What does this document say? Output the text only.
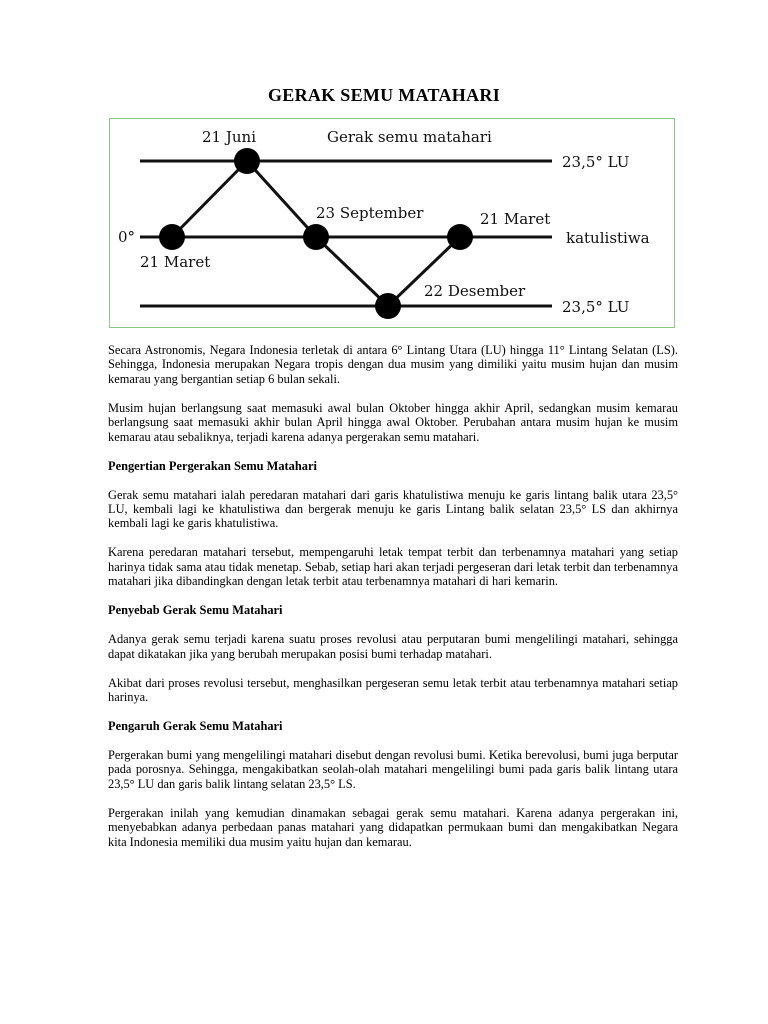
GERAK SEMU MATAHARI
21 Juni	Gerak semu matahari
23,5° LU
0°
23 September	21 Maret
katulistiwa
21 Maret
22 Desember
23,5° LU

Secara Astronomis, Negara Indonesia terletak di antara 6° Lintang Utara (LU) hingga 11° Lintang Selatan (LS). Sehingga, Indonesia merupakan Negara tropis dengan dua musim yang dimiliki yaitu musim hujan dan musim kemarau yang bergantian setiap 6 bulan sekali.

Musim hujan berlangsung saat memasuki awal bulan Oktober hingga akhir April, sedangkan musim kemarau berlangsung saat memasuki akhir bulan April hingga awal Oktober. Perubahan antara musim hujan ke musim kemarau atau sebaliknya, terjadi karena adanya pergerakan semu matahari.

Pengertian Pergerakan Semu Matahari

Gerak semu matahari ialah peredaran matahari dari garis khatulistiwa menuju ke garis lintang balik utara 23,5° LU, kembali lagi ke khatulistiwa dan bergerak menuju ke garis Lintang balik selatan 23,5° LS dan akhirnya kembali lagi ke garis khatulistiwa.

Karena peredaran matahari tersebut, mempengaruhi letak tempat terbit dan terbenamnya matahari yang setiap harinya tidak sama atau tidak menetap. Sebab, setiap hari akan terjadi pergeseran dari letak terbit dan terbenamnya matahari jika dibandingkan dengan letak terbit atau terbenamnya matahari di hari kemarin.

Penyebab Gerak Semu Matahari

Adanya gerak semu terjadi karena suatu proses revolusi atau perputaran bumi mengelilingi matahari, sehingga dapat dikatakan jika yang berubah merupakan posisi bumi terhadap matahari.

Akibat dari proses revolusi tersebut, menghasilkan pergeseran semu letak terbit atau terbenamnya matahari setiap harinya.

Pengaruh Gerak Semu Matahari

Pergerakan bumi yang mengelilingi matahari disebut dengan revolusi bumi. Ketika berevolusi, bumi juga berputar pada porosnya. Sehingga, mengakibatkan seolah-olah matahari mengelilingi bumi pada garis balik lintang utara 23,5° LU dan garis balik lintang selatan 23,5° LS.

Pergerakan inilah yang kemudian dinamakan sebagai gerak semu matahari. Karena adanya pergerakan ini, menyebabkan adanya perbedaan panas matahari yang didapatkan permukaan bumi dan mengakibatkan Negara kita Indonesia memiliki dua musim yaitu hujan dan kemarau.
